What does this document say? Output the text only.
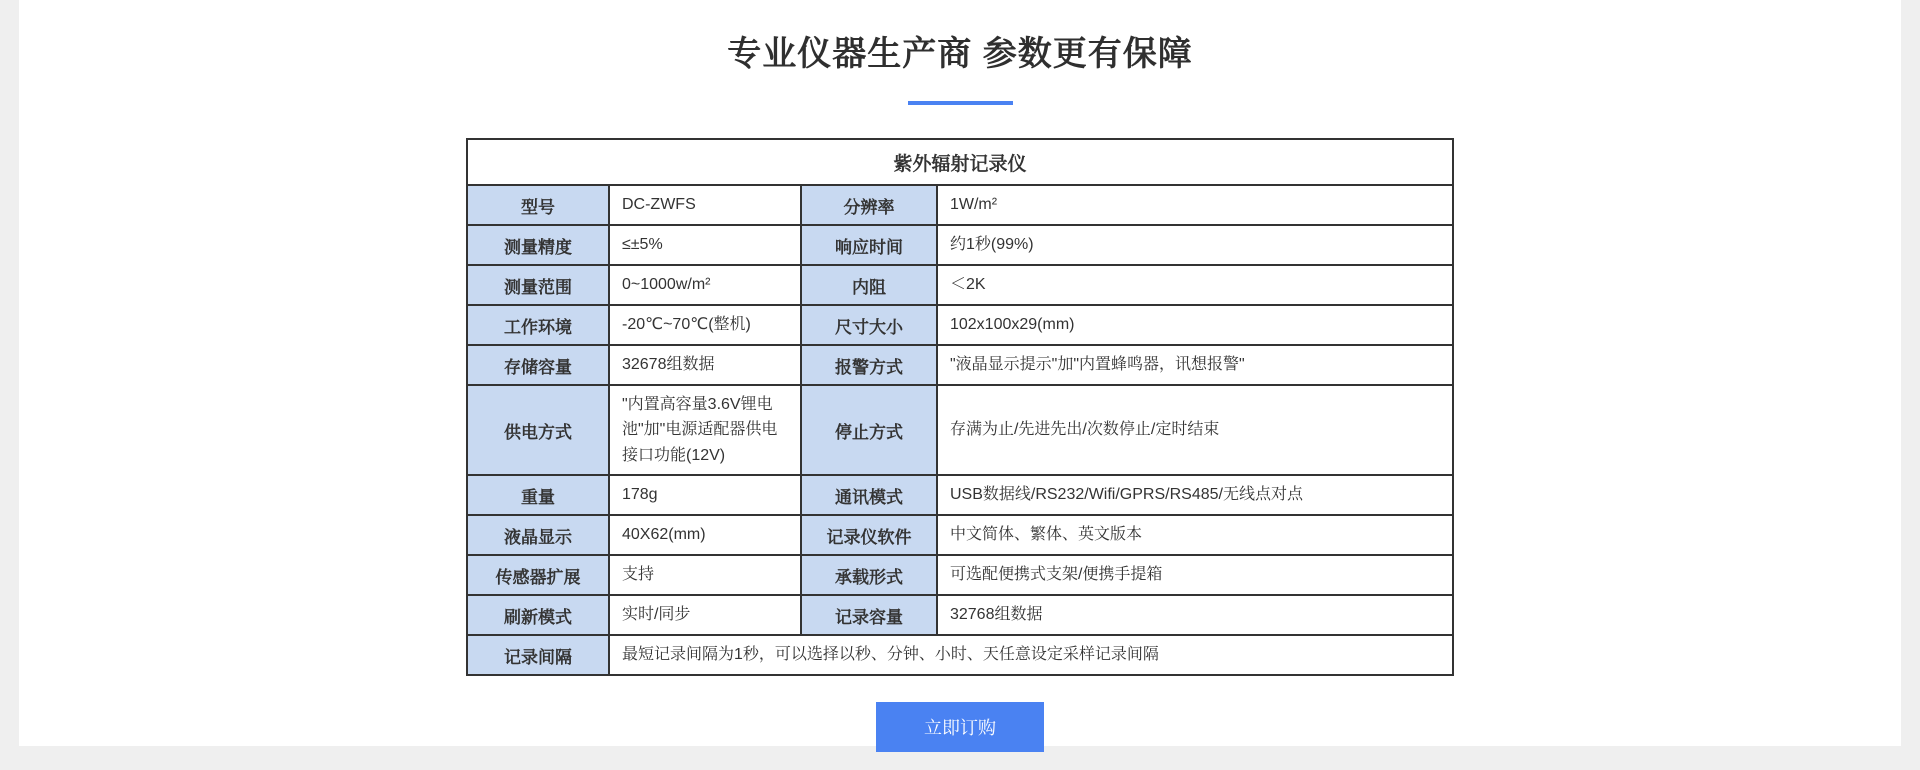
专业仪器生产商 参数更有保障
紫外辐射记录仪			
型号	DC-ZWFS	分辨率	1W/m²
测量精度	≤±5%	响应时间	约1秒(99%)
测量范围	0~1000w/m²	内阻	＜2K
工作环境	-20℃~70℃(整机)	尺寸大小	102x100x29(mm)
存储容量	32678组数据	报警方式	"液晶显示提示"加"内置蜂鸣器，讯想报警"
供电方式	"内置高容量3.6V锂电池"加"电源适配器供电接口功能(12V)	停止方式	存满为止/先进先出/次数停止/定时结束
重量	178g	通讯模式	USB数据线/RS232/Wifi/GPRS/RS485/无线点对点
液晶显示	40X62(mm)	记录仪软件	中文简体、繁体、英文版本
传感器扩展	支持	承载形式	可选配便携式支架/便携手提箱
刷新模式	实时/同步	记录容量	32768组数据
记录间隔	最短记录间隔为1秒，可以选择以秒、分钟、小时、天任意设定采样记录间隔		
立即订购
